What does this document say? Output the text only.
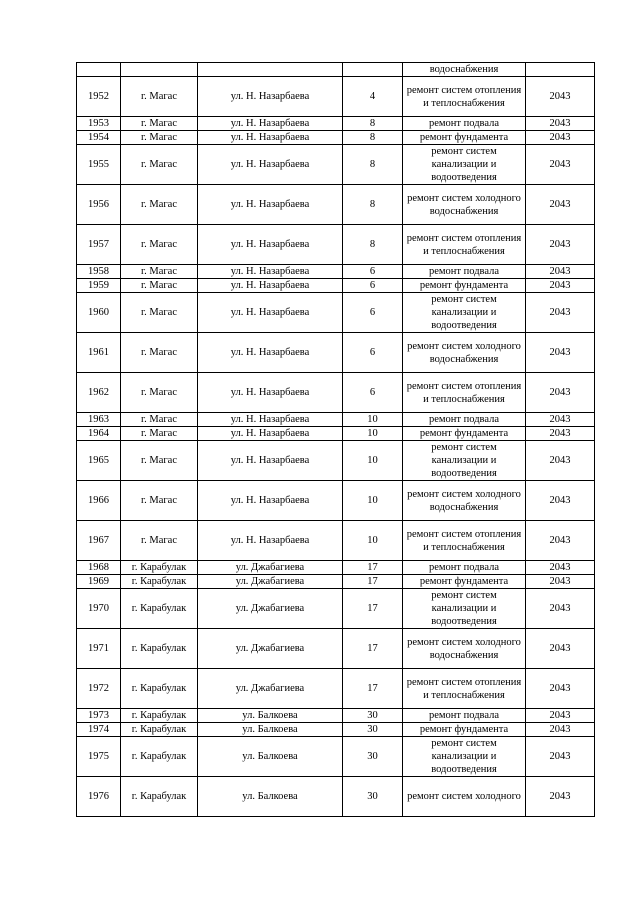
				водоснабжения	
1952	г. Магас	ул. Н. Назарбаева	4	ремонт систем отопления и теплоснабжения	2043
1953	г. Магас	ул. Н. Назарбаева	8	ремонт подвала	2043
1954	г. Магас	ул. Н. Назарбаева	8	ремонт фундамента	2043
1955	г. Магас	ул. Н. Назарбаева	8	ремонт систем канализации и водоотведения	2043
1956	г. Магас	ул. Н. Назарбаева	8	ремонт систем холодного водоснабжения	2043
1957	г. Магас	ул. Н. Назарбаева	8	ремонт систем отопления и теплоснабжения	2043
1958	г. Магас	ул. Н. Назарбаева	6	ремонт подвала	2043
1959	г. Магас	ул. Н. Назарбаева	6	ремонт фундамента	2043
1960	г. Магас	ул. Н. Назарбаева	6	ремонт систем канализации и водоотведения	2043
1961	г. Магас	ул. Н. Назарбаева	6	ремонт систем холодного водоснабжения	2043
1962	г. Магас	ул. Н. Назарбаева	6	ремонт систем отопления и теплоснабжения	2043
1963	г. Магас	ул. Н. Назарбаева	10	ремонт подвала	2043
1964	г. Магас	ул. Н. Назарбаева	10	ремонт фундамента	2043
1965	г. Магас	ул. Н. Назарбаева	10	ремонт систем канализации и водоотведения	2043
1966	г. Магас	ул. Н. Назарбаева	10	ремонт систем холодного водоснабжения	2043
1967	г. Магас	ул. Н. Назарбаева	10	ремонт систем отопления и теплоснабжения	2043
1968	г. Карабулак	ул. Джабагиева	17	ремонт подвала	2043
1969	г. Карабулак	ул. Джабагиева	17	ремонт фундамента	2043
1970	г. Карабулак	ул. Джабагиева	17	ремонт систем канализации и водоотведения	2043
1971	г. Карабулак	ул. Джабагиева	17	ремонт систем холодного водоснабжения	2043
1972	г. Карабулак	ул. Джабагиева	17	ремонт систем отопления и теплоснабжения	2043
1973	г. Карабулак	ул. Балкоева	30	ремонт подвала	2043
1974	г. Карабулак	ул. Балкоева	30	ремонт фундамента	2043
1975	г. Карабулак	ул. Балкоева	30	ремонт систем канализации и водоотведения	2043
1976	г. Карабулак	ул. Балкоева	30	ремонт систем холодного	2043
